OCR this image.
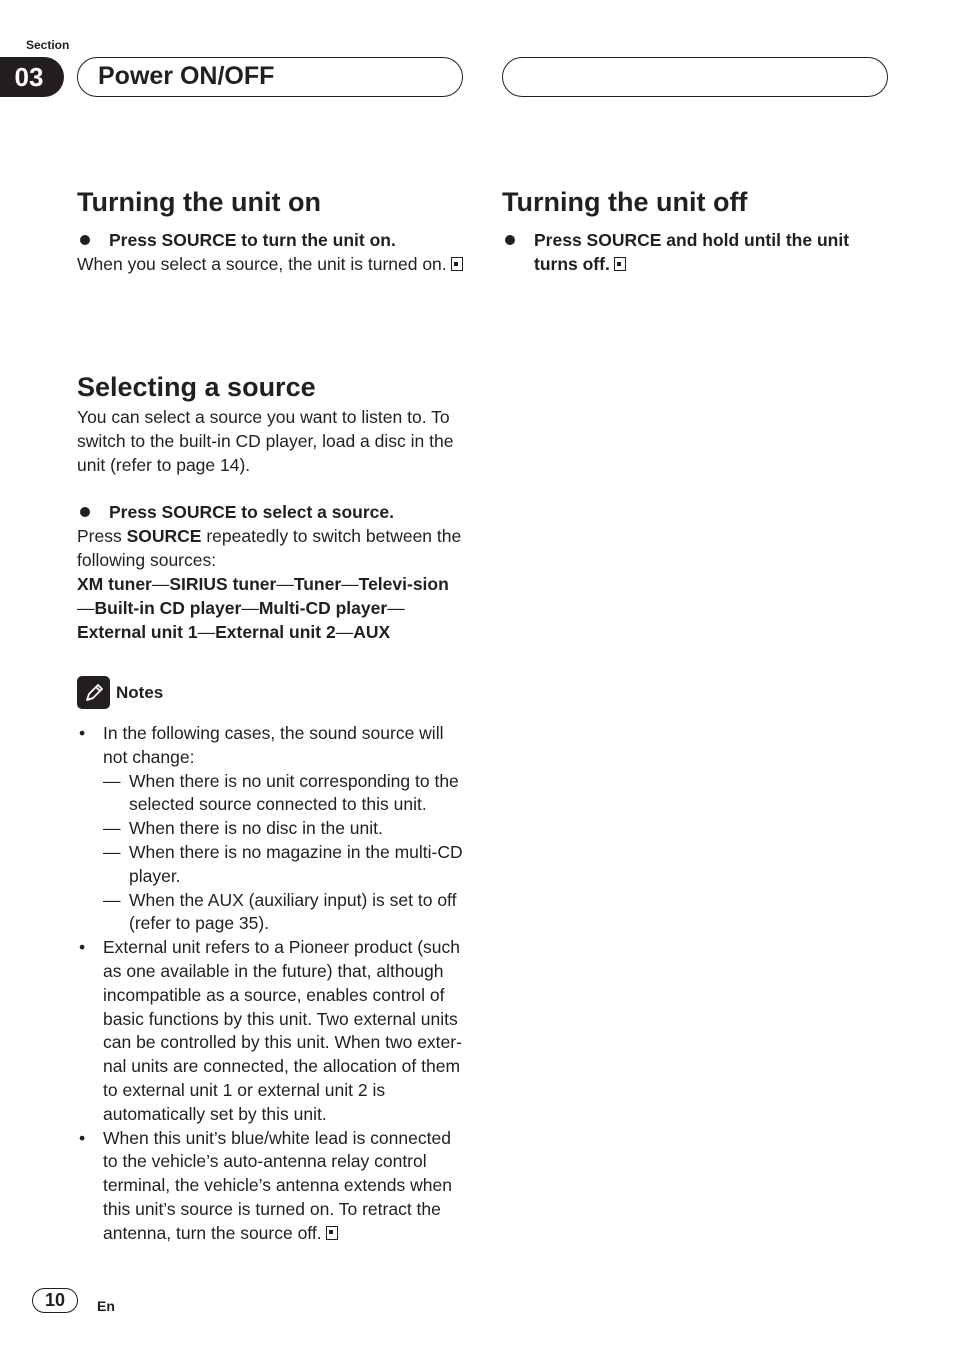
Section
03	Power ON/OFF
Turning the unit on
Press SOURCE to turn the unit on.

When you select a source, the unit is turned on.

Selecting a source

You can select a source you want to listen to. To switch to the built-in CD player, load a disc in the unit (refer to page 14).

Press SOURCE to select a source.

Press SOURCE repeatedly to switch between the following sources:

XM tuner—SIRIUS tuner—Tuner—Televi-sion—Built-in CD player—Multi-CD player—External unit 1—External unit 2—AUX

Notes
• In the following cases, the sound source will not change:
— When there is no unit corresponding to the selected source connected to this unit.
— When there is no disc in the unit.
— When there is no magazine in the multi-CD player.
— When the AUX (auxiliary input) is set to off (refer to page 35).
• External unit refers to a Pioneer product (such as one available in the future) that, although incompatible as a source, enables control of basic functions by this unit. Two external units can be controlled by this unit. When two exter-nal units are connected, the allocation of them to external unit 1 or external unit 2 is automatically set by this unit.
• When this unit’s blue/white lead is connected to the vehicle’s auto-antenna relay control terminal, the vehicle’s antenna extends when this unit’s source is turned on. To retract the antenna, turn the source off.
Turning the unit off
Press SOURCE and hold until the unit turns off.
10	En
